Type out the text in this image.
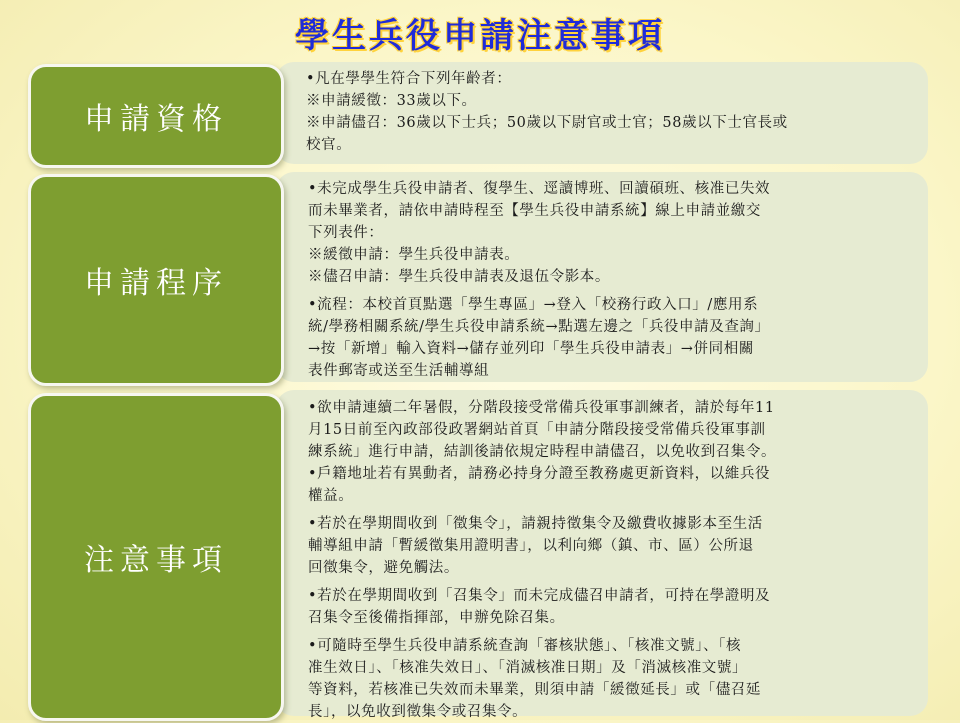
學生兵役申請注意事項
申請資格
•凡在學學生符合下列年齡者：
※申請緩徵：33歲以下。
※申請儘召：36歲以下士兵；50歲以下尉官或士官；58歲以下士官長或
校官。
申請程序
•未完成學生兵役申請者、復學生、逕讀博班、回讀碩班、核准已失效
而未畢業者，請依申請時程至【學生兵役申請系統】線上申請並繳交
下列表件：
※緩徵申請：學生兵役申請表。
※儘召申請：學生兵役申請表及退伍令影本。
•流程：本校首頁點選「學生專區」→登入「校務行政入口」/應用系
統/學務相關系統/學生兵役申請系統→點選左邊之「兵役申請及查詢」
→按「新增」輸入資料→儲存並列印「學生兵役申請表」→併同相關
表件郵寄或送至生活輔導組
注意事項
•欲申請連續二年暑假，分階段接受常備兵役軍事訓練者，請於每年11
月15日前至內政部役政署網站首頁「申請分階段接受常備兵役軍事訓
練系統」進行申請，結訓後請依規定時程申請儘召，以免收到召集令。
•戶籍地址若有異動者，請務必持身分證至教務處更新資料，以維兵役
權益。
•若於在學期間收到「徵集令」，請親持徵集令及繳費收據影本至生活
輔導組申請「暫緩徵集用證明書」，以利向鄉（鎮、市、區）公所退
回徵集令，避免觸法。
•若於在學期間收到「召集令」而未完成儘召申請者，可持在學證明及
召集令至後備指揮部，申辦免除召集。
•可隨時至學生兵役申請系統查詢「審核狀態」、「核准文號」、「核
准生效日」、「核准失效日」、「消滅核准日期」及「消滅核准文號」
等資料，若核准已失效而未畢業，則須申請「緩徵延長」或「儘召延
長」，以免收到徵集令或召集令。
